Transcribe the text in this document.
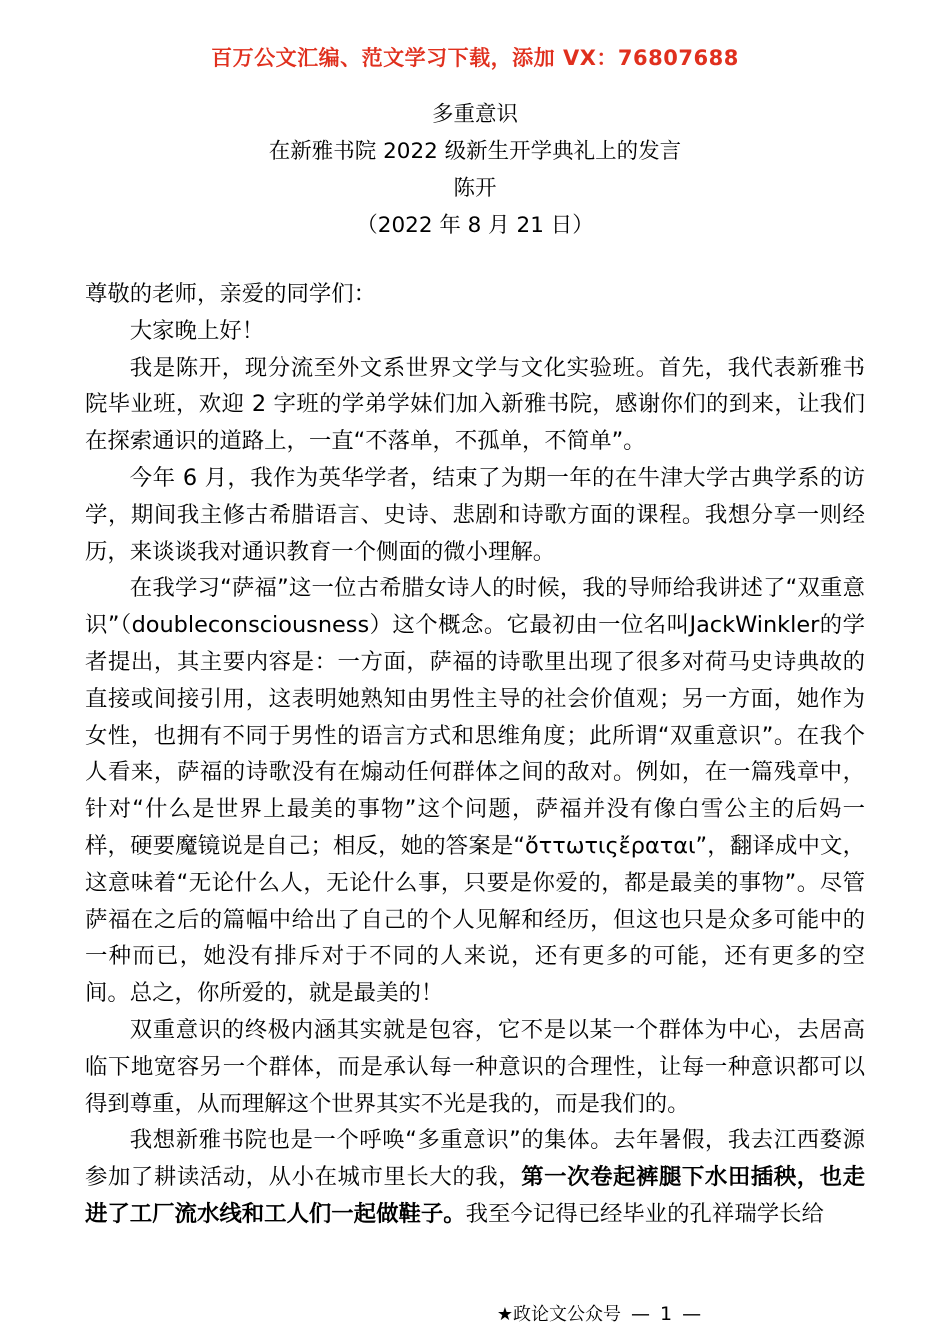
百万公文汇编、范文学习下载，添加 VX：76807688
多重意识
在新雅书院 2022 级新生开学典礼上的发言
陈开
（2022 年 8 月 21 日）

尊敬的老师，亲爱的同学们：

大家晚上好！

我是陈开，现分流至外文系世界文学与文化实验班。首先，我代表新雅书院毕业班，欢迎 2 字班的学弟学妹们加入新雅书院，感谢你们的到来，让我们在探索通识的道路上，一直“不落单，不孤单，不简单”。

今年 6 月，我作为英华学者，结束了为期一年的在牛津大学古典学系的访学，期间我主修古希腊语言、史诗、悲剧和诗歌方面的课程。我想分享一则经历，来谈谈我对通识教育一个侧面的微小理解。

在我学习“萨福”这一位古希腊女诗人的时候，我的导师给我讲述了“双重意识”（doubleconsciousness）这个概念。它最初由一位名叫JackWinkler的学者提出，其主要内容是：一方面，萨福的诗歌里出现了很多对荷马史诗典故的直接或间接引用，这表明她熟知由男性主导的社会价值观；另一方面，她作为女性，也拥有不同于男性的语言方式和思维角度；此所谓“双重意识”。在我个人看来，萨福的诗歌没有在煽动任何群体之间的敌对。例如，在一篇残章中，针对“什么是世界上最美的事物”这个问题，萨福并没有像白雪公主的后妈一样，硬要魔镜说是自己；相反，她的答案是“ὄττωτιςἔραται”，翻译成中文，这意味着“无论什么人，无论什么事，只要是你爱的，都是最美的事物”。尽管萨福在之后的篇幅中给出了自己的个人见解和经历，但这也只是众多可能中的一种而已，她没有排斥对于不同的人来说，还有更多的可能，还有更多的空间。总之，你所爱的，就是最美的！

双重意识的终极内涵其实就是包容，它不是以某一个群体为中心，去居高临下地宽容另一个群体，而是承认每一种意识的合理性，让每一种意识都可以得到尊重，从而理解这个世界其实不光是我的，而是我们的。

我想新雅书院也是一个呼唤“多重意识”的集体。去年暑假，我去江西婺源参加了耕读活动，从小在城市里长大的我，第一次卷起裤腿下水田插秧，也走进了工厂流水线和工人们一起做鞋子。我至今记得已经毕业的孔祥瑞学长给

★政论文公众号 — 1 —
